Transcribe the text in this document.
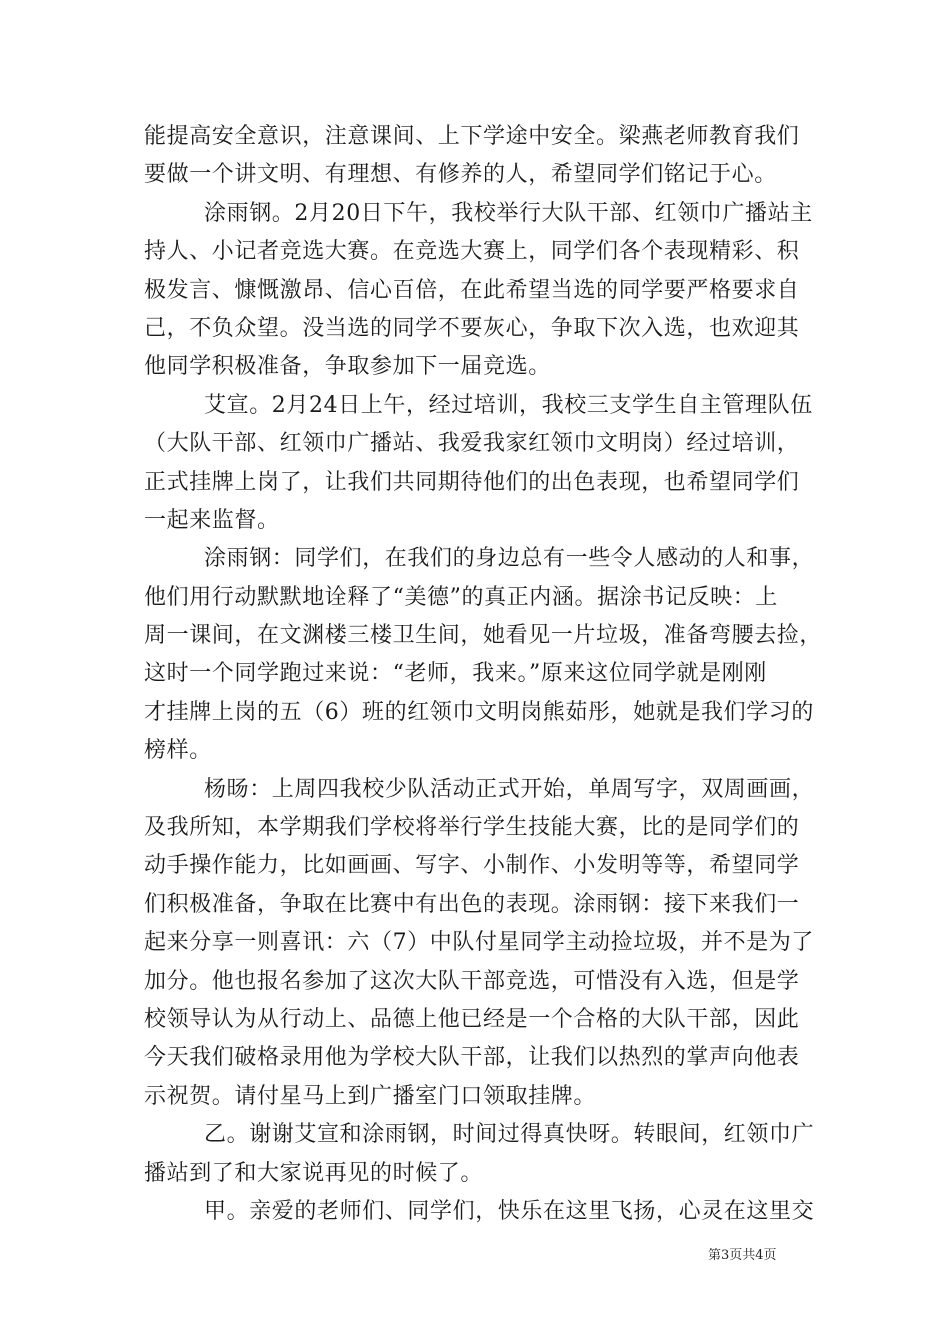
能提高安全意识，注意课间、上下学途中安全。梁燕老师教育我们
要做一个讲文明、有理想、有修养的人，希望同学们铭记于心。
涂雨钢。2月20日下午，我校举行大队干部、红领巾广播站主
持人、小记者竞选大赛。在竞选大赛上，同学们各个表现精彩、积
极发言、慷慨激昂、信心百倍，在此希望当选的同学要严格要求自
己，不负众望。没当选的同学不要灰心，争取下次入选，也欢迎其
他同学积极准备，争取参加下一届竞选。
艾宣。2月24日上午，经过培训，我校三支学生自主管理队伍
（大队干部、红领巾广播站、我爱我家红领巾文明岗）经过培训，
正式挂牌上岗了，让我们共同期待他们的出色表现，也希望同学们
一起来监督。
涂雨钢：同学们，在我们的身边总有一些令人感动的人和事，
他们用行动默默地诠释了“美德”的真正内涵。据涂书记反映：上
周一课间，在文渊楼三楼卫生间，她看见一片垃圾，准备弯腰去捡，
这时一个同学跑过来说：“老师，我来。”原来这位同学就是刚刚
才挂牌上岗的五（6）班的红领巾文明岗熊茹彤，她就是我们学习的
榜样。
杨旸：上周四我校少队活动正式开始，单周写字，双周画画，
及我所知，本学期我们学校将举行学生技能大赛，比的是同学们的
动手操作能力，比如画画、写字、小制作、小发明等等，希望同学
们积极准备，争取在比赛中有出色的表现。涂雨钢：接下来我们一
起来分享一则喜讯：六（7）中队付星同学主动捡垃圾，并不是为了
加分。他也报名参加了这次大队干部竞选，可惜没有入选，但是学
校领导认为从行动上、品德上他已经是一个合格的大队干部，因此
今天我们破格录用他为学校大队干部，让我们以热烈的掌声向他表
示祝贺。请付星马上到广播室门口领取挂牌。
乙。谢谢艾宣和涂雨钢，时间过得真快呀。转眼间，红领巾广
播站到了和大家说再见的时候了。
甲。亲爱的老师们、同学们，快乐在这里飞扬，心灵在这里交
第3页共4页
